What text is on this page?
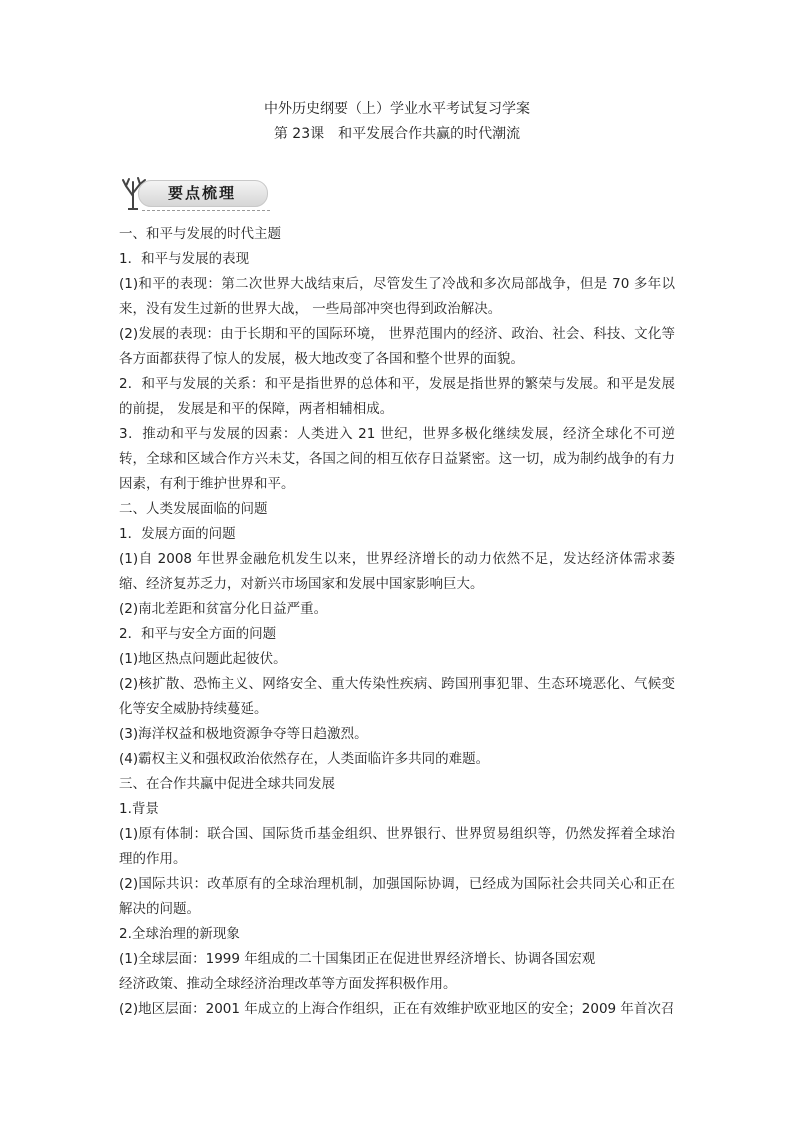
中外历史纲要（上）学业水平考试复习学案
第 23课　和平发展合作共赢的时代潮流
要点梳理

一、和平与发展的时代主题

1．和平与发展的表现

(1)和平的表现：第二次世界大战结束后，尽管发生了冷战和多次局部战争，但是 70 多年以来，没有发生过新的世界大战， 一些局部冲突也得到政治解决。

(2)发展的表现：由于长期和平的国际环境， 世界范围内的经济、政治、社会、科技、文化等各方面都获得了惊人的发展，极大地改变了各国和整个世界的面貌。

2．和平与发展的关系：和平是指世界的总体和平，发展是指世界的繁荣与发展。和平是发展的前提， 发展是和平的保障，两者相辅相成。

3．推动和平与发展的因素：人类进入 21 世纪，世界多极化继续发展，经济全球化不可逆转，全球和区域合作方兴未艾，各国之间的相互依存日益紧密。这一切，成为制约战争的有力因素，有利于维护世界和平。

二、人类发展面临的问题

1．发展方面的问题

(1)自 2008 年世界金融危机发生以来，世界经济增长的动力依然不足，发达经济体需求萎缩、经济复苏乏力，对新兴市场国家和发展中国家影响巨大。

(2)南北差距和贫富分化日益严重。

2．和平与安全方面的问题

(1)地区热点问题此起彼伏。

(2)核扩散、恐怖主义、网络安全、重大传染性疾病、跨国刑事犯罪、生态环境恶化、气候变化等安全威胁持续蔓延。

(3)海洋权益和极地资源争夺等日趋激烈。

(4)霸权主义和强权政治依然存在，人类面临许多共同的难题。

三、在合作共赢中促进全球共同发展

1.背景

(1)原有体制：联合国、国际货币基金组织、世界银行、世界贸易组织等，仍然发挥着全球治理的作用。

(2)国际共识：改革原有的全球治理机制，加强国际协调，已经成为国际社会共同关心和正在解决的问题。

2.全球治理的新现象

(1)全球层面：1999 年组成的二十国集团正在促进世界经济增长、协调各国宏观

经济政策、推动全球经济治理改革等方面发挥积极作用。

(2)地区层面：2001 年成立的上海合作组织，正在有效维护欧亚地区的安全；2009 年首次召
